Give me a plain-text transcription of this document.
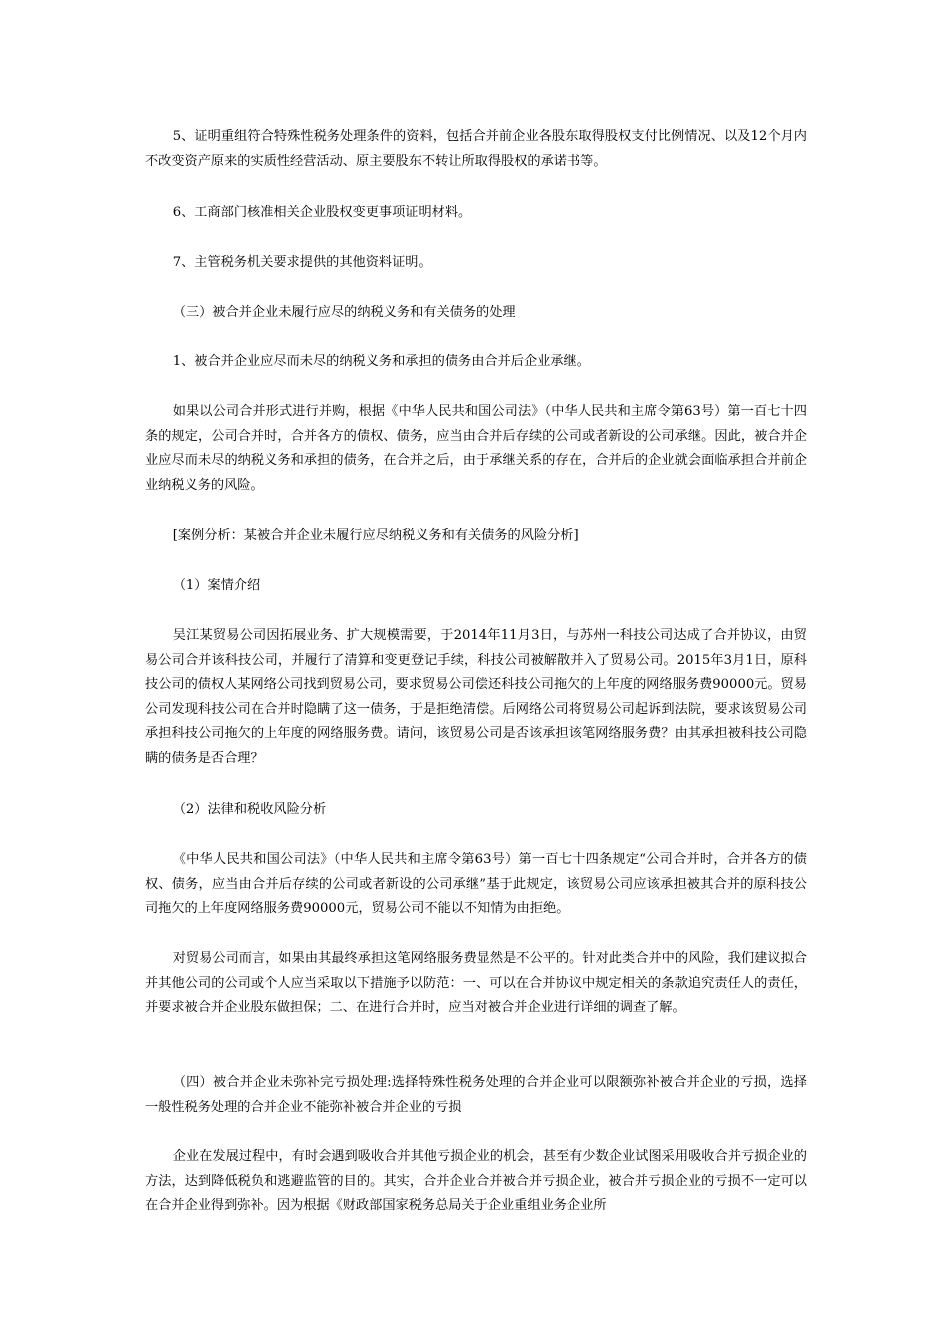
5、证明重组符合特殊性税务处理条件的资料，包括合并前企业各股东取得股权支付比例情况、以及12个月内不改变资产原来的实质性经营活动、原主要股东不转让所取得股权的承诺书等。

6、工商部门核准相关企业股权变更事项证明材料。

7、主管税务机关要求提供的其他资料证明。

（三）被合并企业未履行应尽的纳税义务和有关债务的处理

1、被合并企业应尽而未尽的纳税义务和承担的债务由合并后企业承继。

如果以公司合并形式进行并购，根据《中华人民共和国公司法》（中华人民共和主席令第63号）第一百七十四条的规定，公司合并时，合并各方的债权、债务，应当由合并后存续的公司或者新设的公司承继。因此，被合并企业应尽而未尽的纳税义务和承担的债务，在合并之后，由于承继关系的存在，合并后的企业就会面临承担合并前企业纳税义务的风险。

[案例分析：某被合并企业未履行应尽纳税义务和有关债务的风险分析]

（1）案情介绍

吴江某贸易公司因拓展业务、扩大规模需要，于2014年11月3日，与苏州一科技公司达成了合并协议，由贸易公司合并该科技公司，并履行了清算和变更登记手续，科技公司被解散并入了贸易公司。2015年3月1日，原科技公司的债权人某网络公司找到贸易公司，要求贸易公司偿还科技公司拖欠的上年度的网络服务费90000元。贸易公司发现科技公司在合并时隐瞒了这一债务，于是拒绝清偿。后网络公司将贸易公司起诉到法院，要求该贸易公司承担科技公司拖欠的上年度的网络服务费。请问，该贸易公司是否该承担该笔网络服务费？由其承担被科技公司隐瞒的债务是否合理？

（2）法律和税收风险分析

《中华人民共和国公司法》（中华人民共和主席令第63号）第一百七十四条规定“公司合并时，合并各方的债权、债务，应当由合并后存续的公司或者新设的公司承继”基于此规定，该贸易公司应该承担被其合并的原科技公司拖欠的上年度网络服务费90000元，贸易公司不能以不知情为由拒绝。

对贸易公司而言，如果由其最终承担这笔网络服务费显然是不公平的。针对此类合并中的风险，我们建议拟合并其他公司的公司或个人应当采取以下措施予以防范：一、可以在合并协议中规定相关的条款追究责任人的责任，并要求被合并企业股东做担保；二、在进行合并时，应当对被合并企业进行详细的调查了解。

（四）被合并企业未弥补完亏损处理:选择特殊性税务处理的合并企业可以限额弥补被合并企业的亏损，选择一般性税务处理的合并企业不能弥补被合并企业的亏损

企业在发展过程中，有时会遇到吸收合并其他亏损企业的机会，甚至有少数企业试图采用吸收合并亏损企业的方法，达到降低税负和逃避监管的目的。其实，合并企业合并被合并亏损企业，被合并亏损企业的亏损不一定可以在合并企业得到弥补。因为根据《财政部国家税务总局关于企业重组业务企业所
